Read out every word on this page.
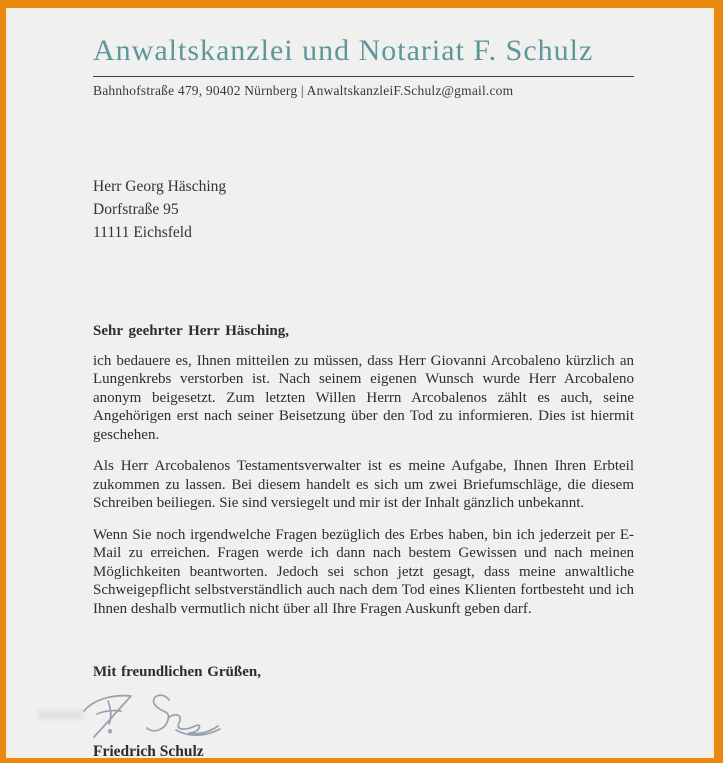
Anwaltskanzlei und Notariat F. Schulz
Bahnhofstraße 479, 90402 Nürnberg | AnwaltskanzleiF.Schulz@gmail.com
Herr Georg Häsching
Dorfstraße 95
11111 Eichsfeld
Sehr geehrter Herr Häsching,

ich bedauere es, Ihnen mitteilen zu müssen, dass Herr Giovanni Arcobaleno kürzlich an Lungenkrebs verstorben ist. Nach seinem eigenen Wunsch wurde Herr Arcobaleno anonym beigesetzt. Zum letzten Willen Herrn Arcobalenos zählt es auch, seine Angehörigen erst nach seiner Beisetzung über den Tod zu informieren. Dies ist hiermit geschehen.

Als Herr Arcobalenos Testamentsverwalter ist es meine Aufgabe, Ihnen Ihren Erbteil zukommen zu lassen. Bei diesem handelt es sich um zwei Briefumschläge, die diesem Schreiben beiliegen. Sie sind versiegelt und mir ist der Inhalt gänzlich unbekannt.

Wenn Sie noch irgendwelche Fragen bezüglich des Erbes haben, bin ich jederzeit per E-Mail zu erreichen. Fragen werde ich dann nach bestem Gewissen und nach meinen Möglichkeiten beantworten. Jedoch sei schon jetzt gesagt, dass meine anwaltliche Schweigepflicht selbstverständlich auch nach dem Tod eines Klienten fortbesteht und ich Ihnen deshalb vermutlich nicht über all Ihre Fragen Auskunft geben darf.

Mit freundlichen Grüßen,
Friedrich Schulz
